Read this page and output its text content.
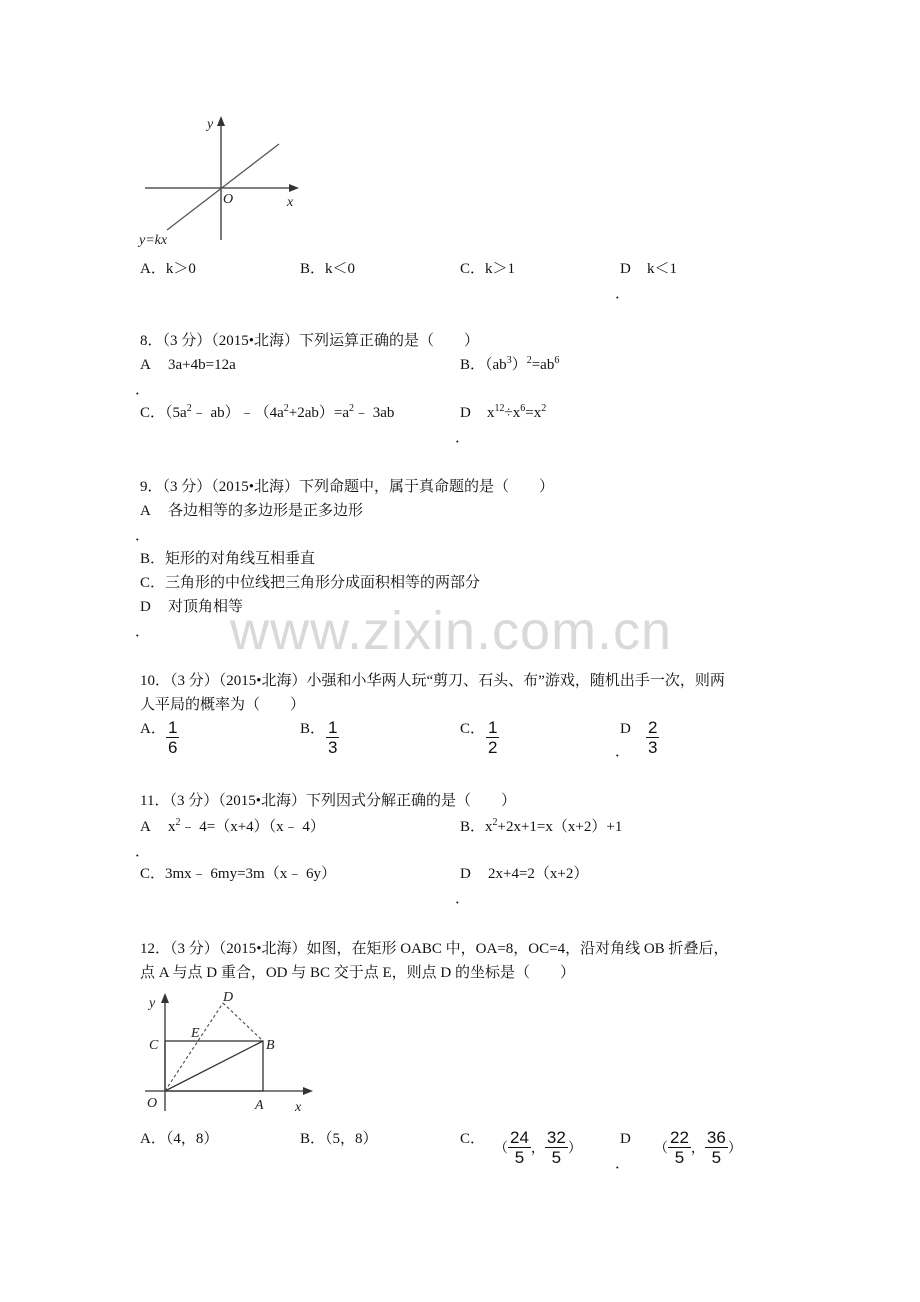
www.zixin.com.cn
y
x
O
y=kx
A．k＞0	B．k＜0	C．k＞1	D k＜1
．
8．（3 分）（2015•北海）下列运算正确的是（　　）
A 3a+4b=12a
．
B．$(ab^3)^2=ab^6$
C．（$5a^2﹣$ $ab)﹣(4a^2+2ab)=a^2﹣$ 3ab	D $x^{12}\div x^6=x^2$
．
9．（3 分）（2015•北海）下列命题中，属于真命题的是（　　）
A 各边相等的多边形是正多边形
．
B．矩形的对角线互相垂直
C．三角形的中位线把三角形分成面积相等的两部分
D 对顶角相等
．
10．（3 分）（2015•北海）小强和小华两人玩“剪刀、石头、布”游戏，随机出手一次，则两
人平局的概率为（　　）
A． $\frac{1}{6}$	B． $\frac{1}{3}$	C． $\frac{1}{2}$	D
． $\frac{2}{3}$
11．（3 分）（2015•北海）下列因式分解正确的是（　　）
A $x^2﹣$ 4=（x+4）（x﹣ 4）
．
B．$x^2+2x+1=x(x+2)+1$
C．3mx﹣ 6my=3m（x﹣ 6y）	D 2x+4=2（x+2）
．
12．（3 分）（2015•北海）如图，在矩形 OABC 中，OA=8，OC=4，沿对角线 OB 折叠后，
点 A 与点 D 重合，OD 与 BC 交于点 E，则点 D 的坐标是（　　）
y
x
O	A
B
C
D
E
A．（4，8）	B．（5，8）	C．
（ $\frac{24}{5}$ ， $\frac{32}{5}$ ）
D
．
（ $\frac{22}{5}$ ， $\frac{36}{5}$ ）
